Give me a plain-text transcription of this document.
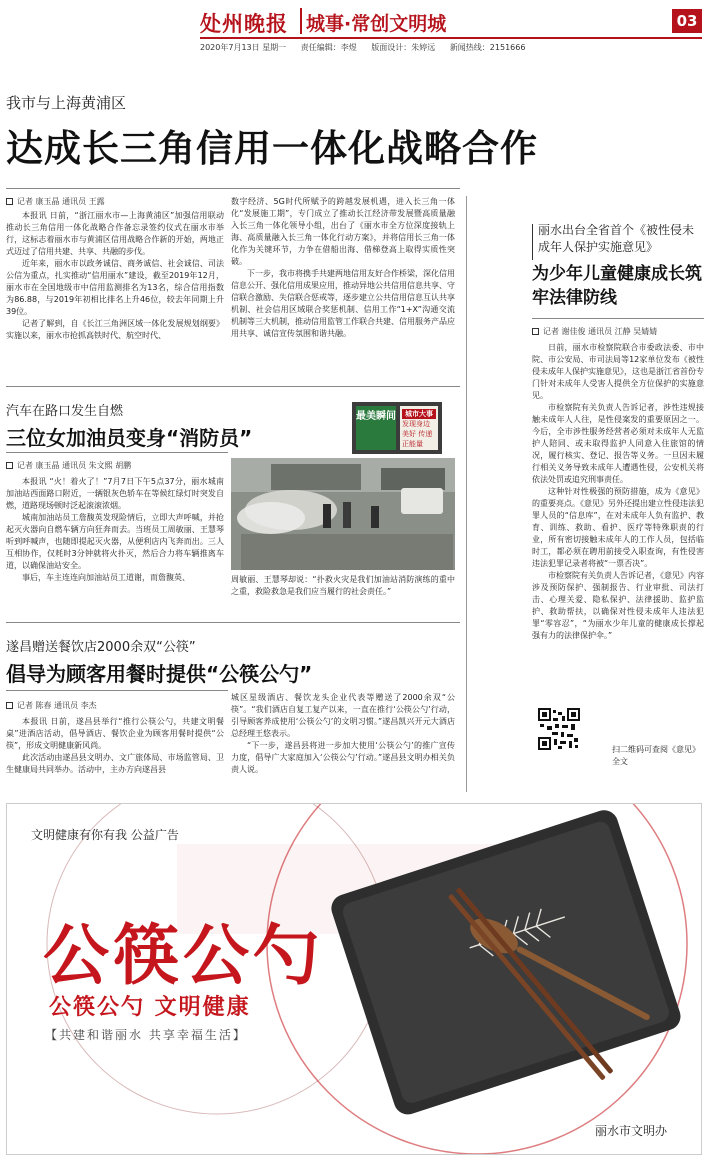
处州晚报 城事·常创文明城	03
2020年7月13日 星期一 责任编辑：李煜 版面设计：朱婷远 新闻热线：2151666
我市与上海黄浦区
达成长三角信用一体化战略合作
记者 康玉晶 通讯员 王露

本报讯 日前，“浙江丽水市—上海黄浦区”加强信用联动推动长三角信用一体化战略合作备忘录签约仪式在丽水市举行，这标志着丽水市与黄浦区信用战略合作新的开始，两地正式迈过了信用共建、共享、共融的步伐。

近年来，丽水市以政务诚信、商务诚信、社会诚信、司法公信为重点，扎实推动“信用丽水”建设，截至2019年12月，丽水市在全国地级市中信用监测排名为13名，综合信用指数为86.88，与2019年初相比排名上升46位，较去年同期上升39位。

记者了解到，自《长江三角洲区域一体化发展规划纲要》实施以来，丽水市抢抓高铁时代、航空时代、

数字经济、5G时代所赋予的跨越发展机遇，进入长三角一体化“发展施工期”，专门成立了推动长江经济带发展暨高质量融入长三角一体化领导小组，出台了《丽水市全方位深度接轨上海、高质量融入长三角一体化行动方案》，并将信用长三角一体化作为关键环节，力争在借船出海、借梯登高上取得实质性突破。

下一步，我市将携手共建两地信用友好合作桥梁，深化信用信息公开、强化信用成果应用，推动异地公共信用信息共享、守信联合激励、失信联合惩戒等，逐步建立公共信用信息互认共享机制、社会信用区域联合奖惩机制、信用工作“1+X”沟通交流机制等三大机制，推动信用监管工作联合共建、信用服务产品应用共享、诚信宣传氛围和谐共融。

汽车在路口发生自燃
三位女加油员变身“消防员”
最美瞬间	城市大事
发现身边美好 传递正能量
记者 康玉晶 通讯员 朱文熙 胡鹏

本报讯 “火！着火了！”7月7日下午5点37分，丽水城南加油站西面路口附近，一辆银灰色轿车在等候红绿灯时突发自燃，道路现场顿时泛起滚滚浓烟。

城南加油站员工詹馥英发现险情后，立即大声呼喊，并抢起灭火器向自燃车辆方向狂奔而去。当班员工周敏丽、王慧琴听到呼喊声，也随即提起灭火器，从便利店内飞奔而出。三人互相协作，仅耗时3分钟就将火扑灭，然后合力将车辆推离车道，以确保油站安全。

事后，车主连连向加油站员工道谢，而詹馥英、	周敏丽、王慧琴却说：“扑救火灾是我们加油站消防演练的重中之重，救险救急是我们应当履行的社会责任。”
遂昌赠送餐饮店2000余双“公筷”
倡导为顾客用餐时提供“公筷公勺”
记者 陈春 通讯员 李杰

本报讯 日前，遂昌县举行“推行公筷公勺，共建文明餐桌”进酒店活动，倡导酒店、餐饮企业为顾客用餐时提供“公筷”，形成文明健康新风尚。

此次活动由遂昌县文明办、文广旅体局、市场监管局、卫生健康局共同举办。活动中，主办方向遂昌县

城区星级酒店、餐饮龙头企业代表等赠送了2000余双“公筷”。“我们酒店自复工复产以来，一直在推行‘公筷公勺’行动，引导顾客养成使用‘公筷公勺’的文明习惯。”遂昌凯兴开元大酒店总经理王悠表示。

“下一步，遂昌县将进一步加大使用‘公筷公勺’的推广宣传力度，倡导广大家庭加入‘公筷公勺’行动。”遂昌县文明办相关负责人说。

丽水出台全省首个《被性侵未成年人保护实施意见》
为少年儿童健康成长筑牢法律防线
记者 谢佳俊 通讯员 江静 吴婧婧

日前，丽水市检察院联合市委政法委、市中院、市公安局、市司法局等12家单位发布《被性侵未成年人保护实施意见》，这也是浙江省首份专门针对未成年人受害人提供全方位保护的实施意见。

市检察院有关负责人告诉记者，涉性违规接触未成年人人往，是性侵案发的重要原因之一。今后，全市涉性服务经营者必须对未成年人无监护人陪同、或未取得监护人同意入住旅馆的情况，履行核实、登记、报告等义务。一旦因未履行相关义务导致未成年人遭遇性侵，公安机关将依法处罚或追究刑事责任。

这种针对性极强的预防措施，成为《意见》的重要亮点。《意见》另外还提出建立性侵违法犯罪人员的“信息库”，在对未成年人负有监护、教育、训练、救助、看护、医疗等特殊职责的行业，所有密切接触未成年人的工作人员，包括临时工，都必须在聘用前接受入职查询，有性侵害违法犯罪记录者将被“一票否决”。

市检察院有关负责人告诉记者，《意见》内容涉及预防保护、强制报告、行业审批、司法打击、心理关爱、隐私保护、法律援助、监护监护、救助帮扶，以确保对性侵未成年人违法犯罪“零容忍”，“为丽水少年儿童的健康成长撑起强有力的法律保护伞。”

扫二维码可查阅《意见》全文
文明健康有你有我 公益广告
公筷公勺
公筷公勺 文明健康
【共建和谐丽水 共享幸福生活】
丽水市文明办
